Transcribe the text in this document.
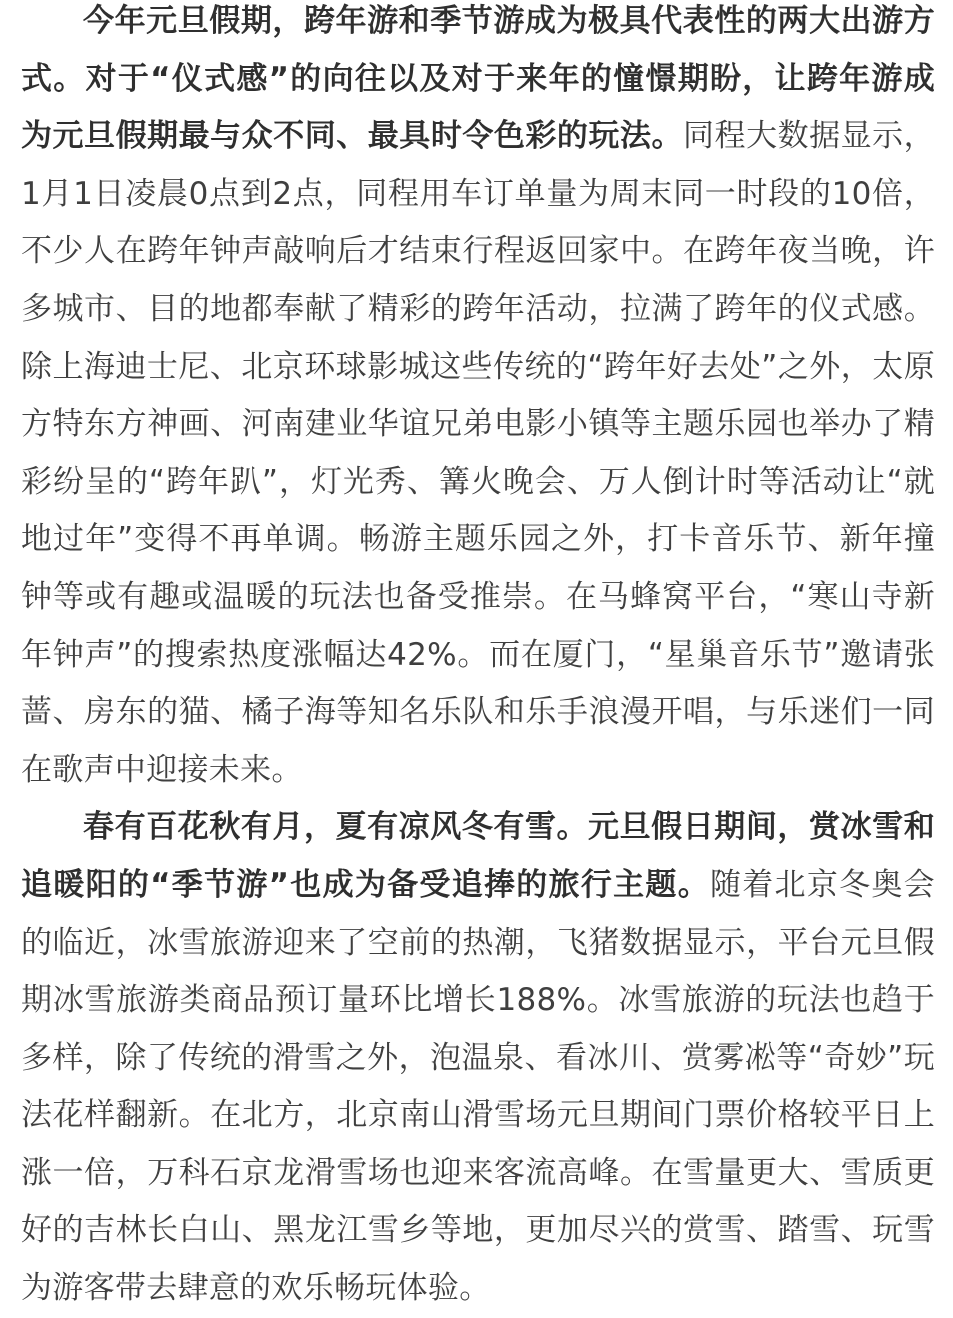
今年元旦假期，跨年游和季节游成为极具代表性的两大出游方式。对于“仪式感”的向往以及对于来年的憧憬期盼，让跨年游成为元旦假期最与众不同、最具时令色彩的玩法。同程大数据显示，1月1日凌晨0点到2点，同程用车订单量为周末同一时段的10倍，不少人在跨年钟声敲响后才结束行程返回家中。在跨年夜当晚，许多城市、目的地都奉献了精彩的跨年活动，拉满了跨年的仪式感。除上海迪士尼、北京环球影城这些传统的“跨年好去处”之外，太原方特东方神画、河南建业华谊兄弟电影小镇等主题乐园也举办了精彩纷呈的“跨年趴”，灯光秀、篝火晚会、万人倒计时等活动让“就地过年”变得不再单调。畅游主题乐园之外，打卡音乐节、新年撞钟等或有趣或温暖的玩法也备受推崇。在马蜂窝平台，“寒山寺新年钟声”的搜索热度涨幅达42%。而在厦门，“星巢音乐节”邀请张蔷、房东的猫、橘子海等知名乐队和乐手浪漫开唱，与乐迷们一同在歌声中迎接未来。

春有百花秋有月，夏有凉风冬有雪。元旦假日期间，赏冰雪和追暖阳的“季节游”也成为备受追捧的旅行主题。随着北京冬奥会的临近，冰雪旅游迎来了空前的热潮，飞猪数据显示，平台元旦假期冰雪旅游类商品预订量环比增长188%。冰雪旅游的玩法也趋于多样，除了传统的滑雪之外，泡温泉、看冰川、赏雾凇等“奇妙”玩法花样翻新。在北方，北京南山滑雪场元旦期间门票价格较平日上涨一倍，万科石京龙滑雪场也迎来客流高峰。在雪量更大、雪质更好的吉林长白山、黑龙江雪乡等地，更加尽兴的赏雪、踏雪、玩雪为游客带去肆意的欢乐畅玩体验。
